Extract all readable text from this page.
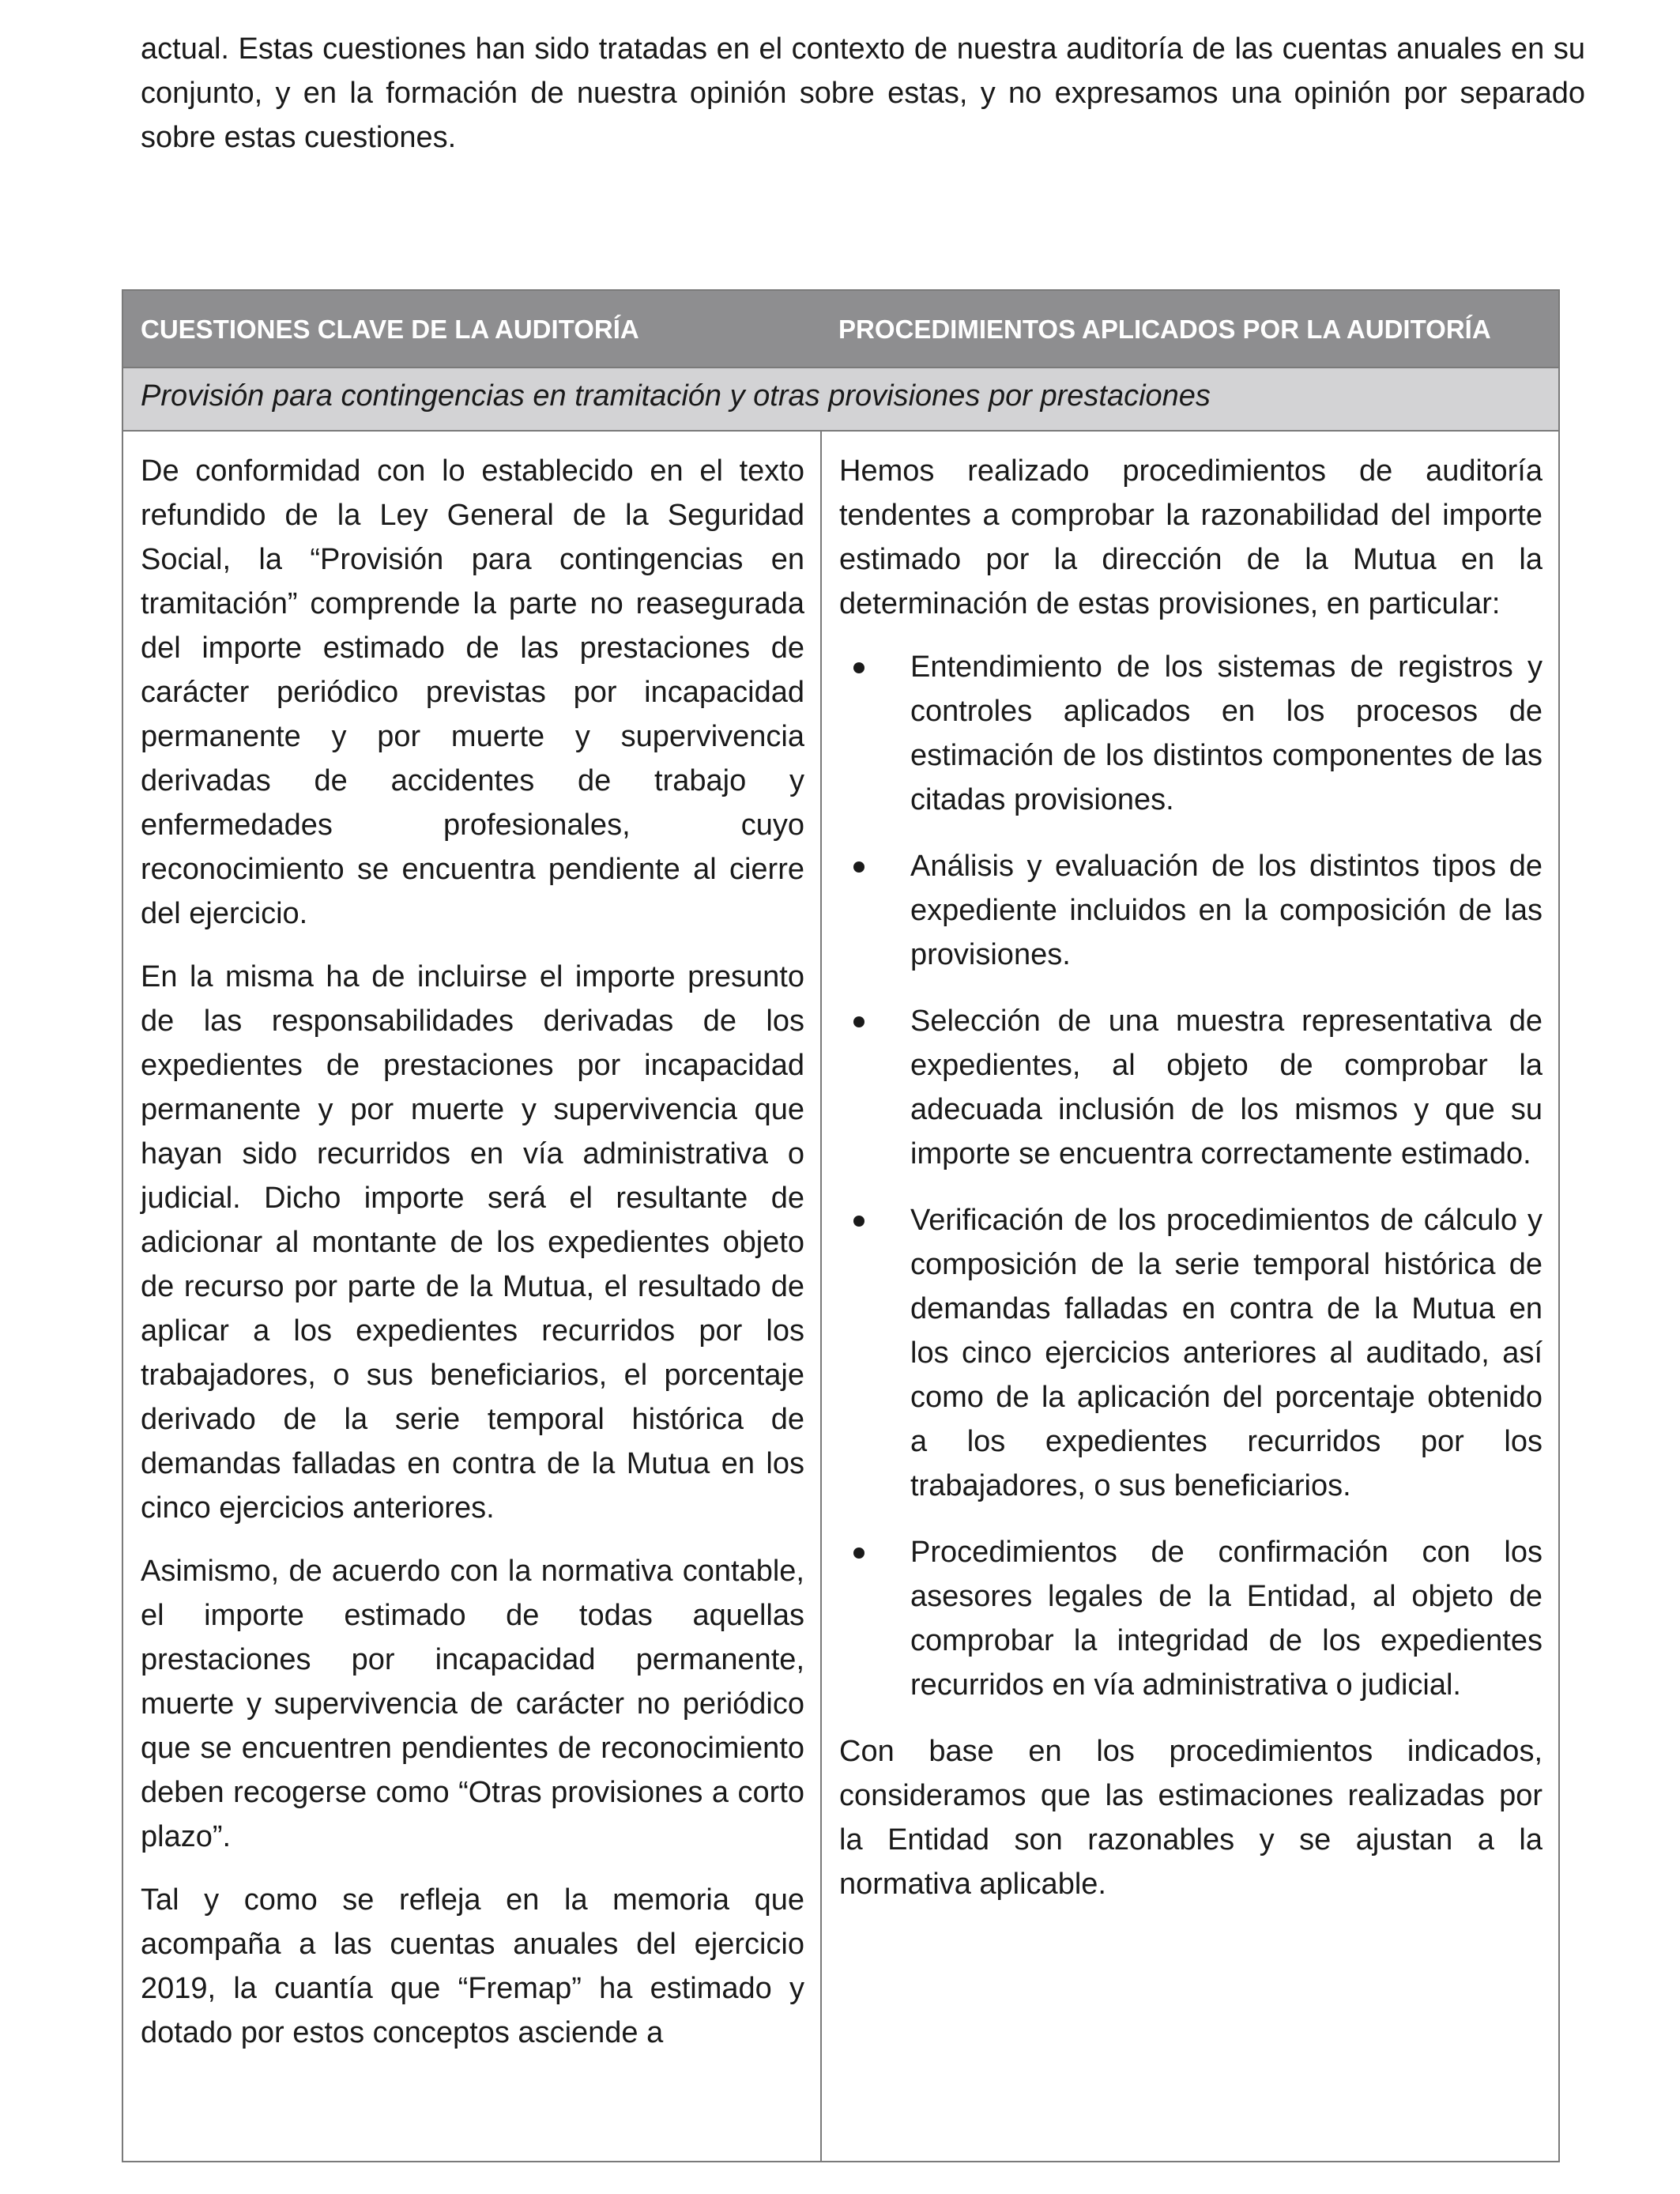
actual. Estas cuestiones han sido tratadas en el contexto de nuestra auditoría de las cuentas anuales en su conjunto, y en la formación de nuestra opinión sobre estas, y no expresamos una opinión por separado sobre estas cuestiones.

CUESTIONES CLAVE DE LA AUDITORÍA	PROCEDIMIENTOS APLICADOS POR LA AUDITORÍA
Provisión para contingencias en tramitación y otras provisiones por prestaciones

De conformidad con lo establecido en el texto refundido de la Ley General de la Seguridad Social, la “Provisión para contingencias en tramitación” comprende la parte no reasegurada del importe estimado de las prestaciones de carácter periódico previstas por incapacidad permanente y por muerte y supervivencia derivadas de accidentes de trabajo y enfermedades profesionales, cuyo reconocimiento se encuentra pendiente al cierre del ejercicio.

En la misma ha de incluirse el importe presunto de las responsabilidades derivadas de los expedientes de prestaciones por incapacidad permanente y por muerte y supervivencia que hayan sido recurridos en vía administrativa o judicial. Dicho importe será el resultante de adicionar al montante de los expedientes objeto de recurso por parte de la Mutua, el resultado de aplicar a los expedientes recurridos por los trabajadores, o sus beneficiarios, el porcentaje derivado de la serie temporal histórica de demandas falladas en contra de la Mutua en los cinco ejercicios anteriores.

Asimismo, de acuerdo con la normativa contable, el importe estimado de todas aquellas prestaciones por incapacidad permanente, muerte y supervivencia de carácter no periódico que se encuentren pendientes de reconocimiento deben recogerse como “Otras provisiones a corto plazo”.

Tal y como se refleja en la memoria que acompaña a las cuentas anuales del ejercicio 2019, la cuantía que “Fremap” ha estimado y dotado por estos conceptos asciende a

Hemos realizado procedimientos de auditoría tendentes a comprobar la razonabilidad del importe estimado por la dirección de la Mutua en la determinación de estas provisiones, en particular:

Entendimiento de los sistemas de registros y controles aplicados en los procesos de estimación de los distintos componentes de las citadas provisiones.
Análisis y evaluación de los distintos tipos de expediente incluidos en la composición de las provisiones.
Selección de una muestra representativa de expedientes, al objeto de comprobar la adecuada inclusión de los mismos y que su importe se encuentra correctamente estimado.
Verificación de los procedimientos de cálculo y composición de la serie temporal histórica de demandas falladas en contra de la Mutua en los cinco ejercicios anteriores al auditado, así como de la aplicación del porcentaje obtenido a los expedientes recurridos por los trabajadores, o sus beneficiarios.
Procedimientos de confirmación con los asesores legales de la Entidad, al objeto de comprobar la integridad de los expedientes recurridos en vía administrativa o judicial.

Con base en los procedimientos indicados, consideramos que las estimaciones realizadas por la Entidad son razonables y se ajustan a la normativa aplicable.
